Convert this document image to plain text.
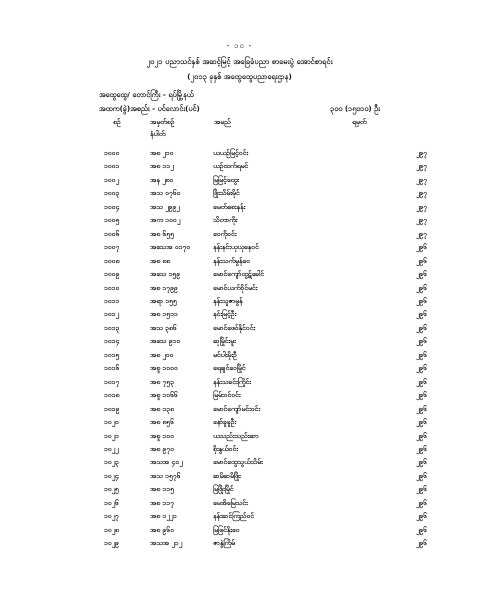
- ၁၀ -
၂၀၂၁ ပညာသင်နှစ် အဆင့်မြင့် အခြေခံပညာ စာမေးပွဲ အောင်စာရင်း
(၂၀၁၃ ခုနှစ် အထွေထွေပညာရေးဌာန)
အထွေထွေ/ တောင်ကြီး - ရပ်မြို့နယ်
အထက(ခွဲ)အစည်း - ပင်လောင်း(ပင်)	၃၀၀ (၁၅၀၁၀) ဦး
စဉ်	အမှတ်စဉ်
နံပါတ်
အမည်	ရမှတ်
၁၀၀၀	အစ ၂၁၀	ယယဉ်မြင့်ဝင်း	၂၉၇
၁၀၀၁	အစ ၁၁၂	ယဉ်ထက်ရမင်	၂၉၇
၁၀၀၂	အန ၂၈၀	မြမြင့်ထွေး	၂၉၇
၁၀၀၃	အသ ၀၇၆၀	ဖြိုးသိမ်းမိုင်	၂၉၇
၁၀၀၄	အသ ၂၉၉၂	မေတ်စေးနန်း	၂၉၇
၁၀၀၅	အက ၁၀၀၂	သိတာကိုး	၂၉၇
၁၀၀၆	အစ ၆၅၅	ဝေကိုဝင်း	၂၉၇
၁၀၀၇	အသေအ ၀၁၇၀	နန်းနင်းယုယုနေဝင်	၂၉၆
၁၀၀၈	အစ ၈၈	နန်းသက်မွန်ဝေ	၂၉၆
၁၀၀၉	အသေ ၁၅၉	မောင်ကျော်ထွဋ်ခေါင်	၂၉၆
၁၀၁၀	အစ ၁၇၉၉	မောင်ယက်ဝိုင်မင်း	၂၉၆
၁၀၁၁	အရာ ၁၅၅	နန်းသူဇာမွန်	၂၉၆
၁၀၁၂	အစ ၁၅၁၁	နင်းမြင့်ဦး	၂၉၆
၁၀၁၃	အသ ၃၈၆	မောင်ဖေဝ်နိုင်ဝင်း	၂၉၆
၁၀၁၄	အသေ ၉၁၀	ဆုမြိုင်းမူး	၂၉၆
၁၀၁၅	အစ ၂၀၀	မင်ပါးမိုးဦ	၂၉၆
၁၀၁၆	အစူ ၁၀၀၀	ရေချင်ဝေမြိုင်	၂၉၆
၁၀၁၇	အစ ၇၅၃	နန်းသခင်းကြိုင်း	၂၉၆
၁၀၁၈	အစူ ၁၀၆၆	မြမ်းဝင်ဝင်း	၂၉၆
၁၀၁၉	အစ ၁၃၈	မောင်ကျော်မင်းဝင်း	၂၉၆
၁၀၂၀	အစ ၈၅၆	နော်ခူခူဦး	၂၉၆
၁၀၂၁	အစူ ၁၀၀	ယသည်းသည်းဆာ	၂၉၆
၁၀၂၂	အစ ၉၇၀	စိုးနွယ်ဝင်း	၂၉၆
၁၀၂၃	အသအ ၄၀၂	မောင်ထွေသွယ်သိမ်း	၂၉၆
၁၀၂၄	အသ ၁၅၇၆	ဆမိဆမိဖြိုး	၂၉၆
၁၀၂၅	အစ ၁၁၅	မြဖြိုးမြိုင်	၂၉၆
၁၀၂၆	အစ ၁၁၇	မေအိမြေသင်း	၂၉၆
၁၀၂၇	အစ ၁၂၂၁	နန်းဆင်ကြည်ဝင်	၂၉၆
၁၀၂၈	အစ ၉၆၀	မြဖြင်နိုးဝေ	၂၉၆
၁၀၂၉	အသအ ၂၁၂	ဇာနွဲကြိမ်	၂၉၆
